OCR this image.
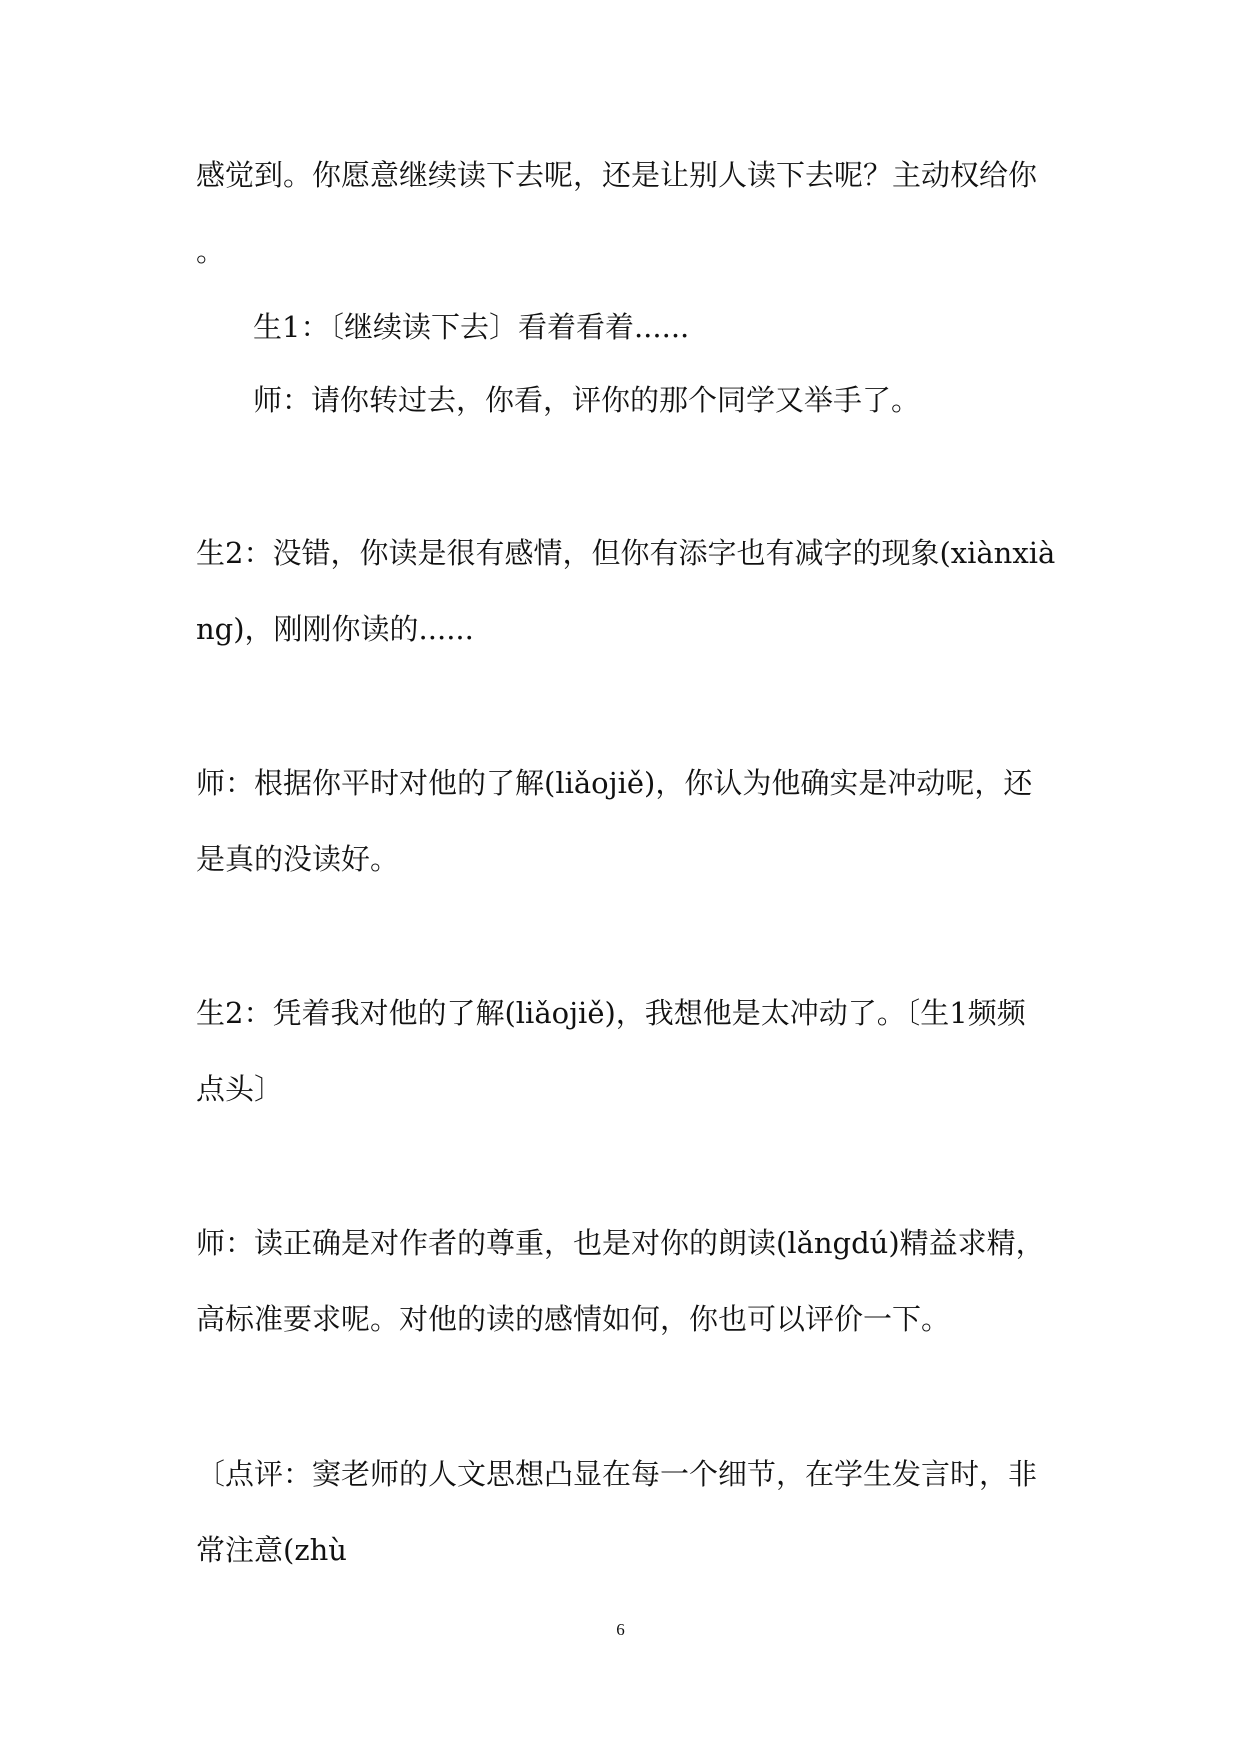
感觉到。你愿意继续读下去呢，还是让别人读下去呢？主动权给你
。
生1：〔继续读下去〕看着看着......
师：请你转过去，你看，评你的那个同学又举手了。
生2：没错，你读是很有感情，但你有添字也有减字的现象(xiànxià
ng)，刚刚你读的......
师：根据你平时对他的了解(liǎojiě)，你认为他确实是冲动呢，还
是真的没读好。
生2：凭着我对他的了解(liǎojiě)，我想他是太冲动了。〔生1频频
点头〕
师：读正确是对作者的尊重，也是对你的朗读(lǎngdú)精益求精，
高标准要求呢。对他的读的感情如何，你也可以评价一下。
〔点评：窦老师的人文思想凸显在每一个细节，在学生发言时，非
常注意(zhù
6
